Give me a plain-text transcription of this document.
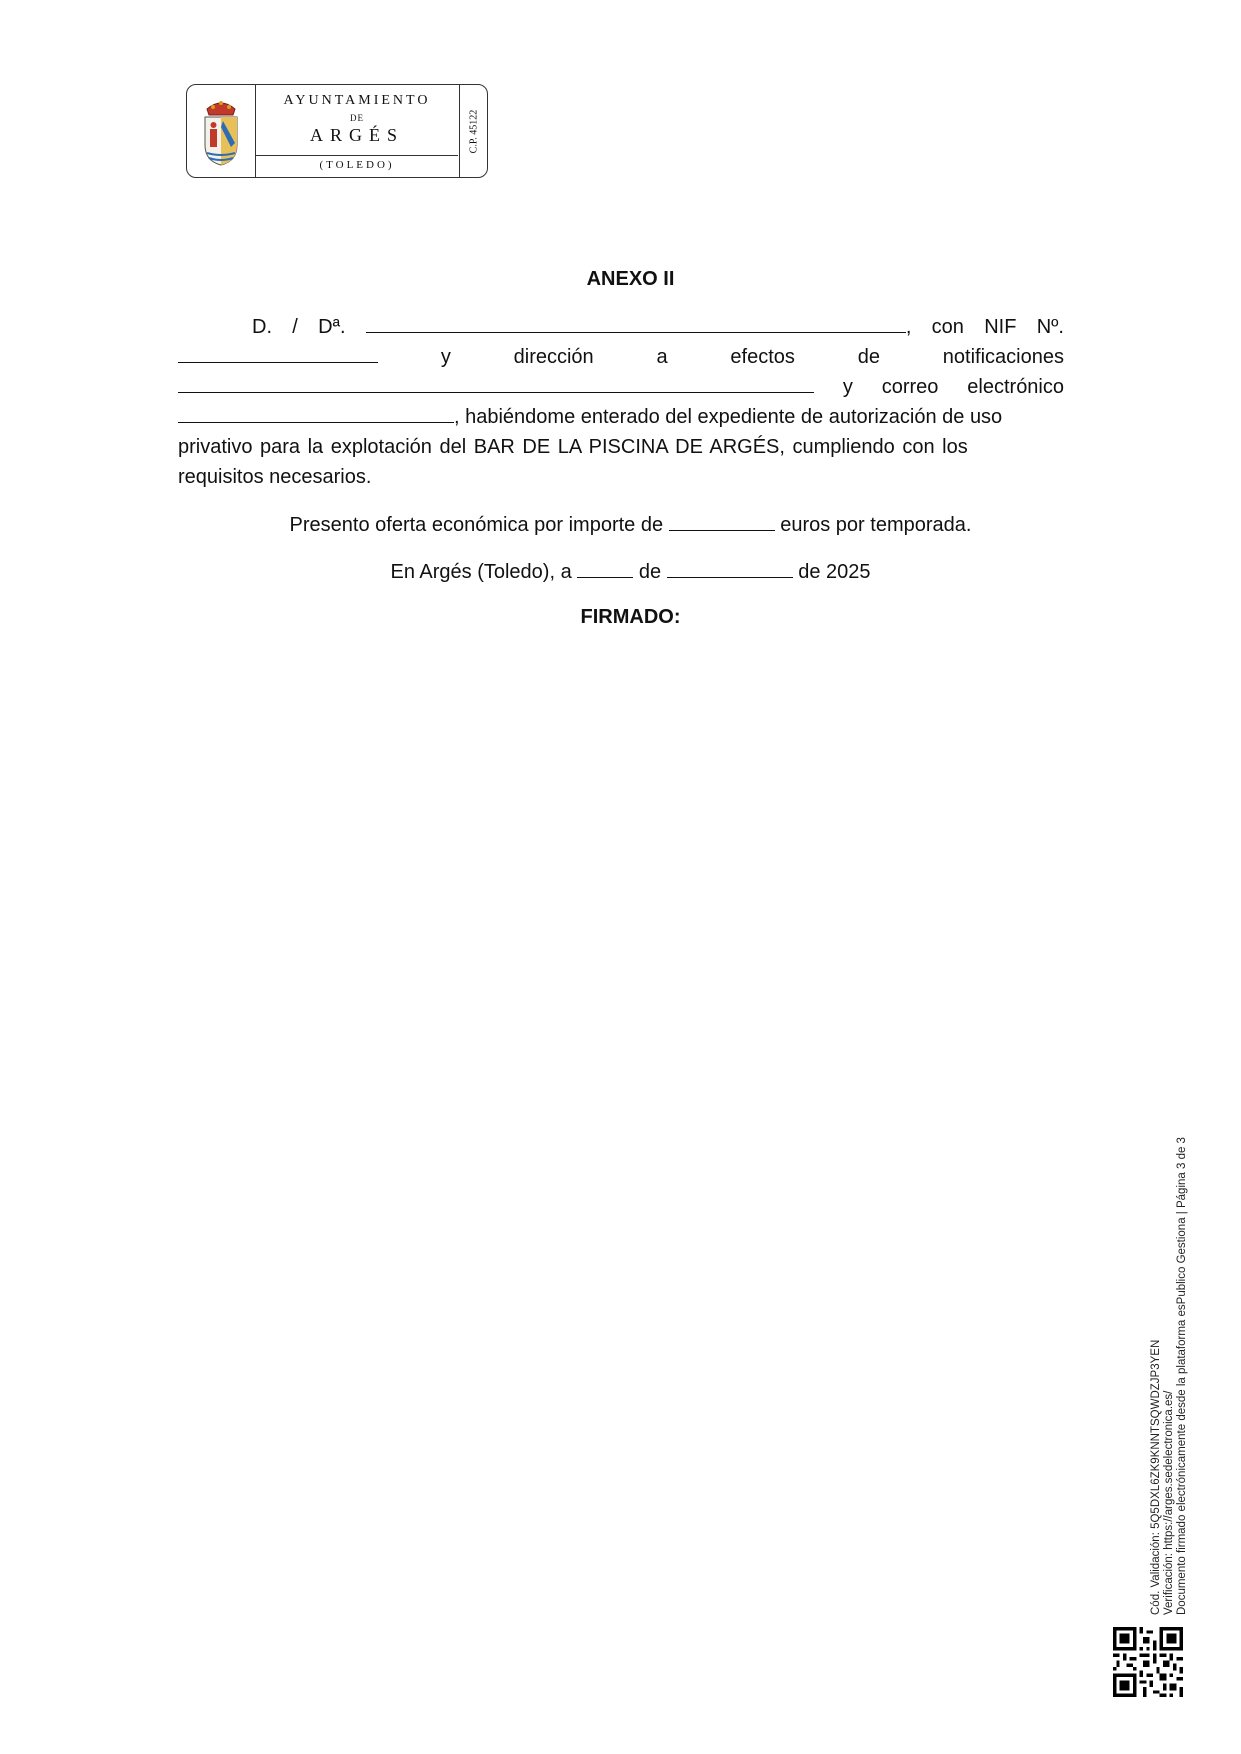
AYUNTAMIENTO
DE
ARGÉS
(TOLEDO)
C.P. 45122
ANEXO II
D. / Dª.	, con NIF Nº.
y	dirección	a	efectos	de	notificaciones
y correo electrónico
, habiéndome enterado del expediente de autorización de uso
privativo para la explotación del BAR DE LA PISCINA DE ARGÉS, cumpliendo con los
requisitos necesarios.
Presento oferta económica por importe de	euros por temporada.
En Argés (Toledo), a	de	de 2025
FIRMADO:
Cód. Validación: 5Q5DXL6ZK9KNNTSQWDZJP3YEN Verificación: https://arges.sedelectronica.es/ Documento firmado electrónicamente desde la plataforma esPublico Gestiona | Página 3 de 3
